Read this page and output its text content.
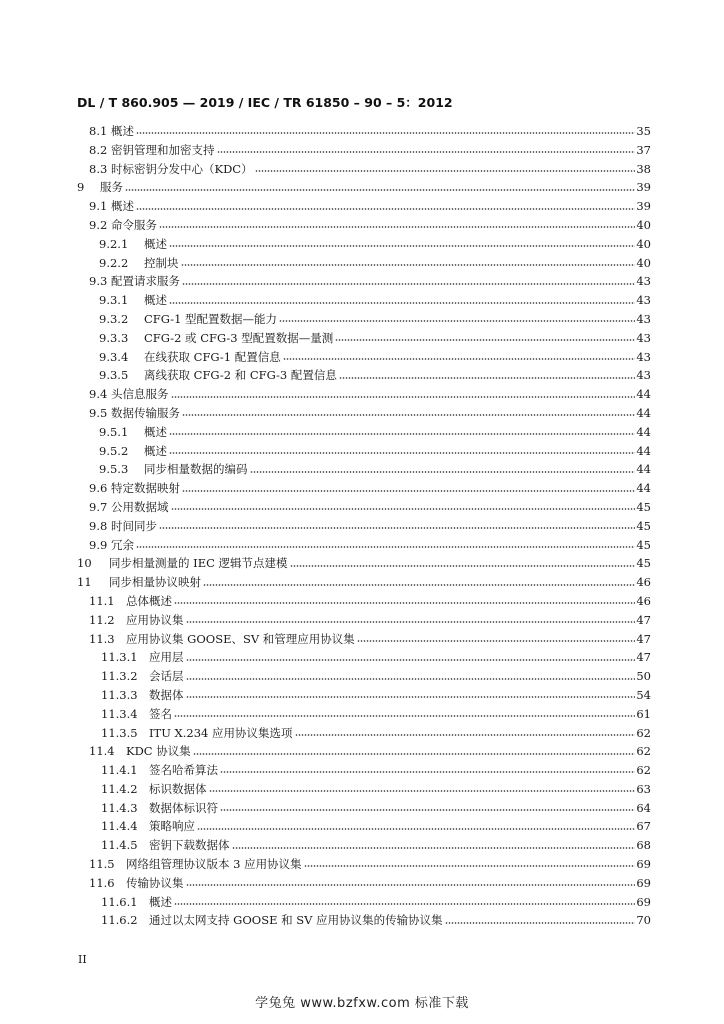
DL / T 860.905 — 2019 / IEC / TR 61850 – 90 – 5：2012
8.1 概述	35
8.2 密钥管理和加密支持	37
8.3 时标密钥分发中心（KDC）	38
9	服务	39
9.1 概述	39
9.2 命令服务	40
9.2.1	概述	40
9.2.2	控制块	40
9.3 配置请求服务	43
9.3.1	概述	43
9.3.2	CFG-1 型配置数据—能力	43
9.3.3	CFG-2 或 CFG-3 型配置数据—量测	43
9.3.4	在线获取 CFG-1 配置信息	43
9.3.5	离线获取 CFG-2 和 CFG-3 配置信息	43
9.4 头信息服务	44
9.5 数据传输服务	44
9.5.1	概述	44
9.5.2	概述	44
9.5.3	同步相量数据的编码	44
9.6 特定数据映射	44
9.7 公用数据域	45
9.8 时间同步	45
9.9 冗余	45
10	同步相量测量的 IEC 逻辑节点建模	45
11	同步相量协议映射	46
11.1 总体概述	46
11.2 应用协议集	47
11.3 应用协议集 GOOSE、SV 和管理应用协议集	47
11.3.1 应用层	47
11.3.2 会话层	50
11.3.3 数据体	54
11.3.4 签名	61
11.3.5 ITU X.234 应用协议集选项	62
11.4 KDC 协议集	62
11.4.1 签名哈希算法	62
11.4.2 标识数据体	63
11.4.3 数据体标识符	64
11.4.4 策略响应	67
11.4.5 密钥下载数据体	68
11.5 网络组管理协议版本 3 应用协议集	69
11.6 传输协议集	69
11.6.1 概述	69
11.6.2 通过以太网支持 GOOSE 和 SV 应用协议集的传输协议集	70
II
学兔兔 www.bzfxw.com 标准下载
